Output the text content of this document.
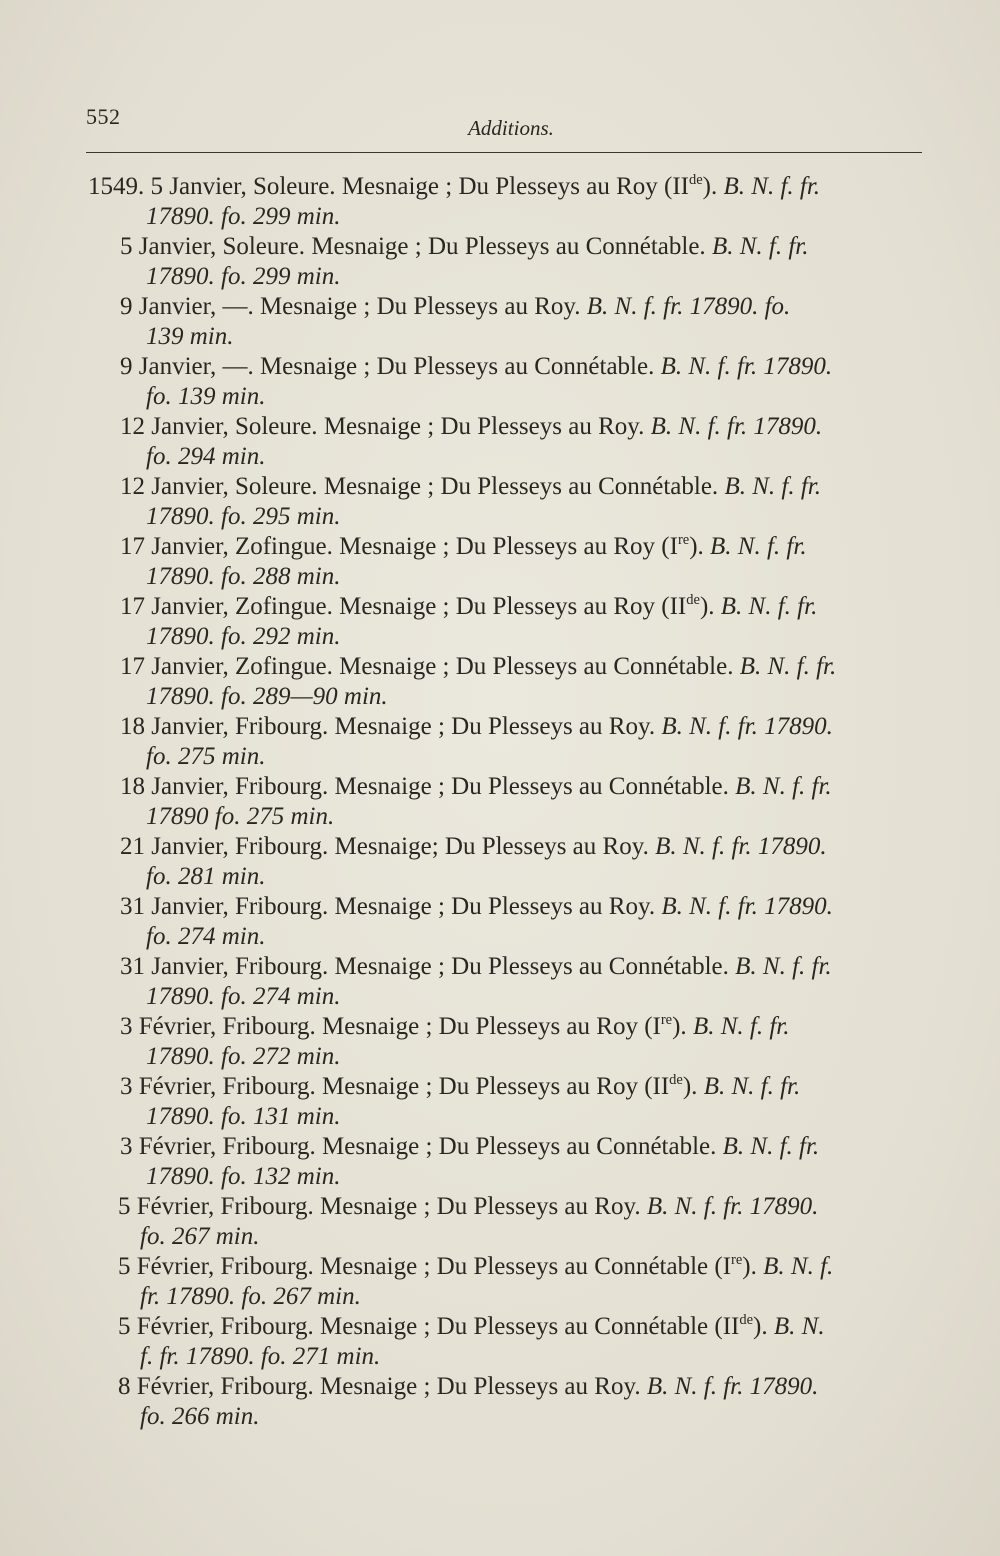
552	Additions.
1549. 5 Janvier, Soleure. Mesnaige ; Du Plesseys au Roy (IIde). B. N. f. fr.
17890. fo. 299 min.
5 Janvier, Soleure. Mesnaige ; Du Plesseys au Connétable. B. N. f. fr.
17890. fo. 299 min.
9 Janvier, —. Mesnaige ; Du Plesseys au Roy. B. N. f. fr. 17890. fo.
139 min.
9 Janvier, —. Mesnaige ; Du Plesseys au Connétable. B. N. f. fr. 17890.
fo. 139 min.
12 Janvier, Soleure. Mesnaige ; Du Plesseys au Roy. B. N. f. fr. 17890.
fo. 294 min.
12 Janvier, Soleure. Mesnaige ; Du Plesseys au Connétable. B. N. f. fr.
17890. fo. 295 min.
17 Janvier, Zofingue. Mesnaige ; Du Plesseys au Roy (Ire). B. N. f. fr.
17890. fo. 288 min.
17 Janvier, Zofingue. Mesnaige ; Du Plesseys au Roy (IIde). B. N. f. fr.
17890. fo. 292 min.
17 Janvier, Zofingue. Mesnaige ; Du Plesseys au Connétable. B. N. f. fr.
17890. fo. 289—90 min.
18 Janvier, Fribourg. Mesnaige ; Du Plesseys au Roy. B. N. f. fr. 17890.
fo. 275 min.
18 Janvier, Fribourg. Mesnaige ; Du Plesseys au Connétable. B. N. f. fr.
17890 fo. 275 min.
21 Janvier, Fribourg. Mesnaige; Du Plesseys au Roy. B. N. f. fr. 17890.
fo. 281 min.
31 Janvier, Fribourg. Mesnaige ; Du Plesseys au Roy. B. N. f. fr. 17890.
fo. 274 min.
31 Janvier, Fribourg. Mesnaige ; Du Plesseys au Connétable. B. N. f. fr.
17890. fo. 274 min.
3 Février, Fribourg. Mesnaige ; Du Plesseys au Roy (Ire). B. N. f. fr.
17890. fo. 272 min.
3 Février, Fribourg. Mesnaige ; Du Plesseys au Roy (IIde). B. N. f. fr.
17890. fo. 131 min.
3 Février, Fribourg. Mesnaige ; Du Plesseys au Connétable. B. N. f. fr.
17890. fo. 132 min.
5 Février, Fribourg. Mesnaige ; Du Plesseys au Roy. B. N. f. fr. 17890.
fo. 267 min.
5 Février, Fribourg. Mesnaige ; Du Plesseys au Connétable (Ire). B. N. f.
fr. 17890. fo. 267 min.
5 Février, Fribourg. Mesnaige ; Du Plesseys au Connétable (IIde). B. N.
f. fr. 17890. fo. 271 min.
8 Février, Fribourg. Mesnaige ; Du Plesseys au Roy. B. N. f. fr. 17890.
fo. 266 min.
